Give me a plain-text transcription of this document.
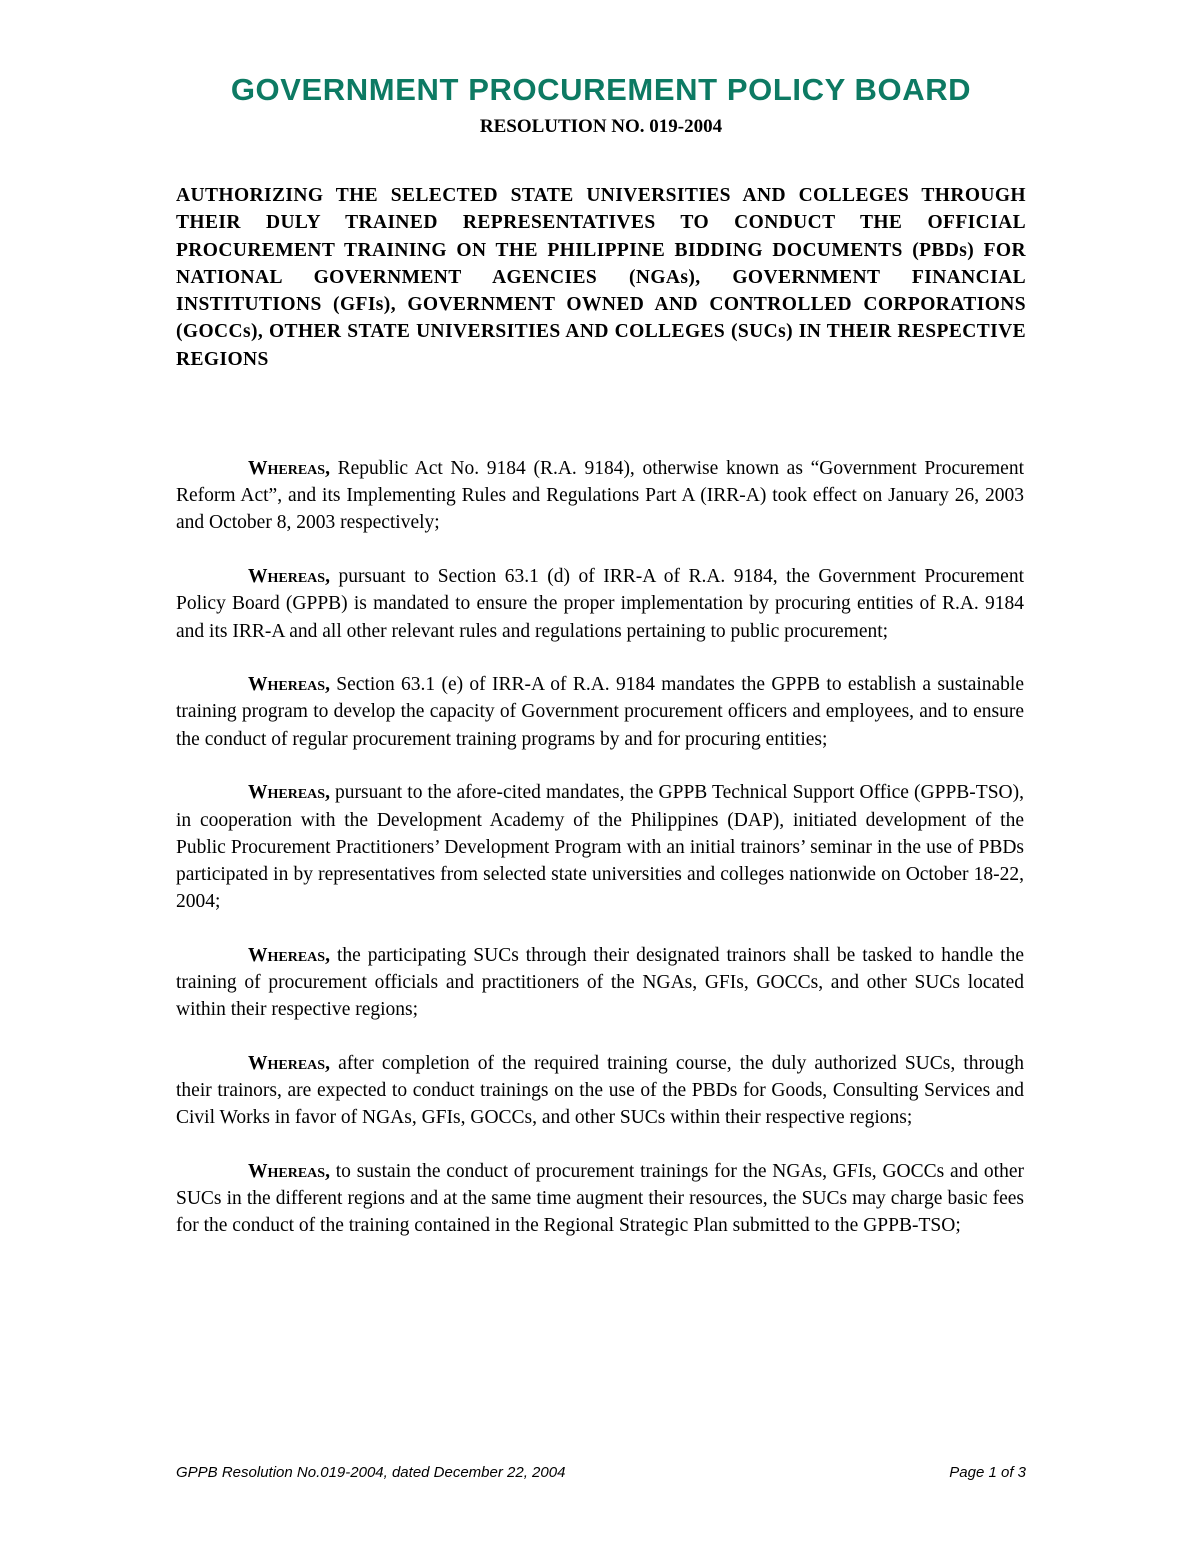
GOVERNMENT PROCUREMENT POLICY BOARD
RESOLUTION NO. 019-2004
AUTHORIZING THE SELECTED STATE UNIVERSITIES AND COLLEGES THROUGH THEIR DULY TRAINED REPRESENTATIVES TO CONDUCT THE OFFICIAL PROCUREMENT TRAINING ON THE PHILIPPINE BIDDING DOCUMENTS (PBDs) FOR NATIONAL GOVERNMENT AGENCIES (NGAs), GOVERNMENT FINANCIAL INSTITUTIONS (GFIs), GOVERNMENT OWNED AND CONTROLLED CORPORATIONS (GOCCs), OTHER STATE UNIVERSITIES AND COLLEGES (SUCs) IN THEIR RESPECTIVE REGIONS

Whereas, Republic Act No. 9184 (R.A. 9184), otherwise known as “Government Procurement Reform Act”, and its Implementing Rules and Regulations Part A (IRR-A) took effect on January 26, 2003 and October 8, 2003 respectively;

Whereas, pursuant to Section 63.1 (d) of IRR-A of R.A. 9184, the Government Procurement Policy Board (GPPB) is mandated to ensure the proper implementation by procuring entities of R.A. 9184 and its IRR-A and all other relevant rules and regulations pertaining to public procurement;

Whereas, Section 63.1 (e) of IRR-A of R.A. 9184 mandates the GPPB to establish a sustainable training program to develop the capacity of Government procurement officers and employees, and to ensure the conduct of regular procurement training programs by and for procuring entities;

Whereas, pursuant to the afore-cited mandates, the GPPB Technical Support Office (GPPB-TSO), in cooperation with the Development Academy of the Philippines (DAP), initiated development of the Public Procurement Practitioners’ Development Program with an initial trainors’ seminar in the use of PBDs participated in by representatives from selected state universities and colleges nationwide on October 18-22, 2004;

Whereas, the participating SUCs through their designated trainors shall be tasked to handle the training of procurement officials and practitioners of the NGAs, GFIs, GOCCs, and other SUCs located within their respective regions;

Whereas, after completion of the required training course, the duly authorized SUCs, through their trainors, are expected to conduct trainings on the use of the PBDs for Goods, Consulting Services and Civil Works in favor of NGAs, GFIs, GOCCs, and other SUCs within their respective regions;

Whereas, to sustain the conduct of procurement trainings for the NGAs, GFIs, GOCCs and other SUCs in the different regions and at the same time augment their resources, the SUCs may charge basic fees for the conduct of the training contained in the Regional Strategic Plan submitted to the GPPB-TSO;

GPPB Resolution No.019-2004, dated December 22, 2004	Page 1 of 3
